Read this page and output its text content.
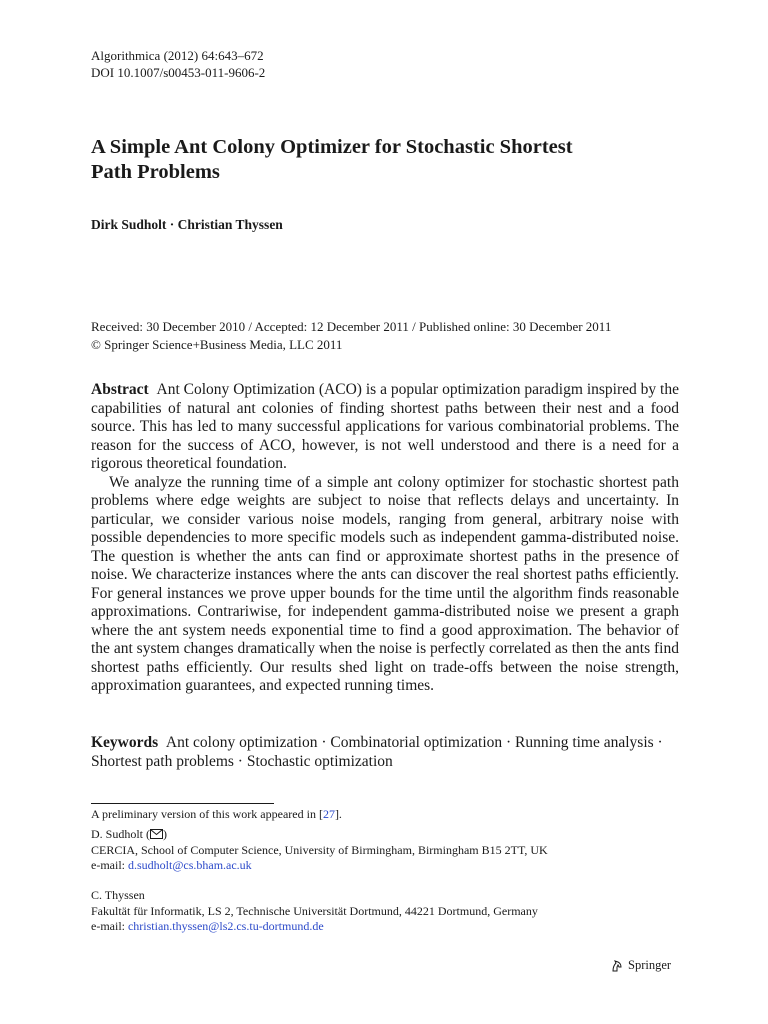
Algorithmica (2012) 64:643–672
DOI 10.1007/s00453-011-9606-2
A Simple Ant Colony Optimizer for Stochastic Shortest
Path Problems
Dirk Sudholt · Christian Thyssen
Received: 30 December 2010 / Accepted: 12 December 2011 / Published online: 30 December 2011
© Springer Science+Business Media, LLC 2011

Abstract Ant Colony Optimization (ACO) is a popular optimization paradigm inspired by the capabilities of natural ant colonies of finding shortest paths between their nest and a food source. This has led to many successful applications for various combinatorial problems. The reason for the success of ACO, however, is not well understood and there is a need for a rigorous theoretical foundation.

We analyze the running time of a simple ant colony optimizer for stochastic shortest path problems where edge weights are subject to noise that reflects delays and uncertainty. In particular, we consider various noise models, ranging from general, arbitrary noise with possible dependencies to more specific models such as independent gamma-distributed noise. The question is whether the ants can find or approximate shortest paths in the presence of noise. We characterize instances where the ants can discover the real shortest paths efficiently. For general instances we prove upper bounds for the time until the algorithm finds reasonable approximations. Contrariwise, for independent gamma-distributed noise we present a graph where the ant system needs exponential time to find a good approximation. The behavior of the ant system changes dramatically when the noise is perfectly correlated as then the ants find shortest paths efficiently. Our results shed light on trade-offs between the noise strength, approximation guarantees, and expected running times.

Keywords Ant colony optimization · Combinatorial optimization · Running time analysis · Shortest path problems · Stochastic optimization
A preliminary version of this work appeared in [27].
D. Sudholt ( )
CERCIA, School of Computer Science, University of Birmingham, Birmingham B15 2TT, UK
e-mail: d.sudholt@cs.bham.ac.uk
C. Thyssen
Fakultät für Informatik, LS 2, Technische Universität Dortmund, 44221 Dortmund, Germany
e-mail: christian.thyssen@ls2.cs.tu-dortmund.de
Springer
